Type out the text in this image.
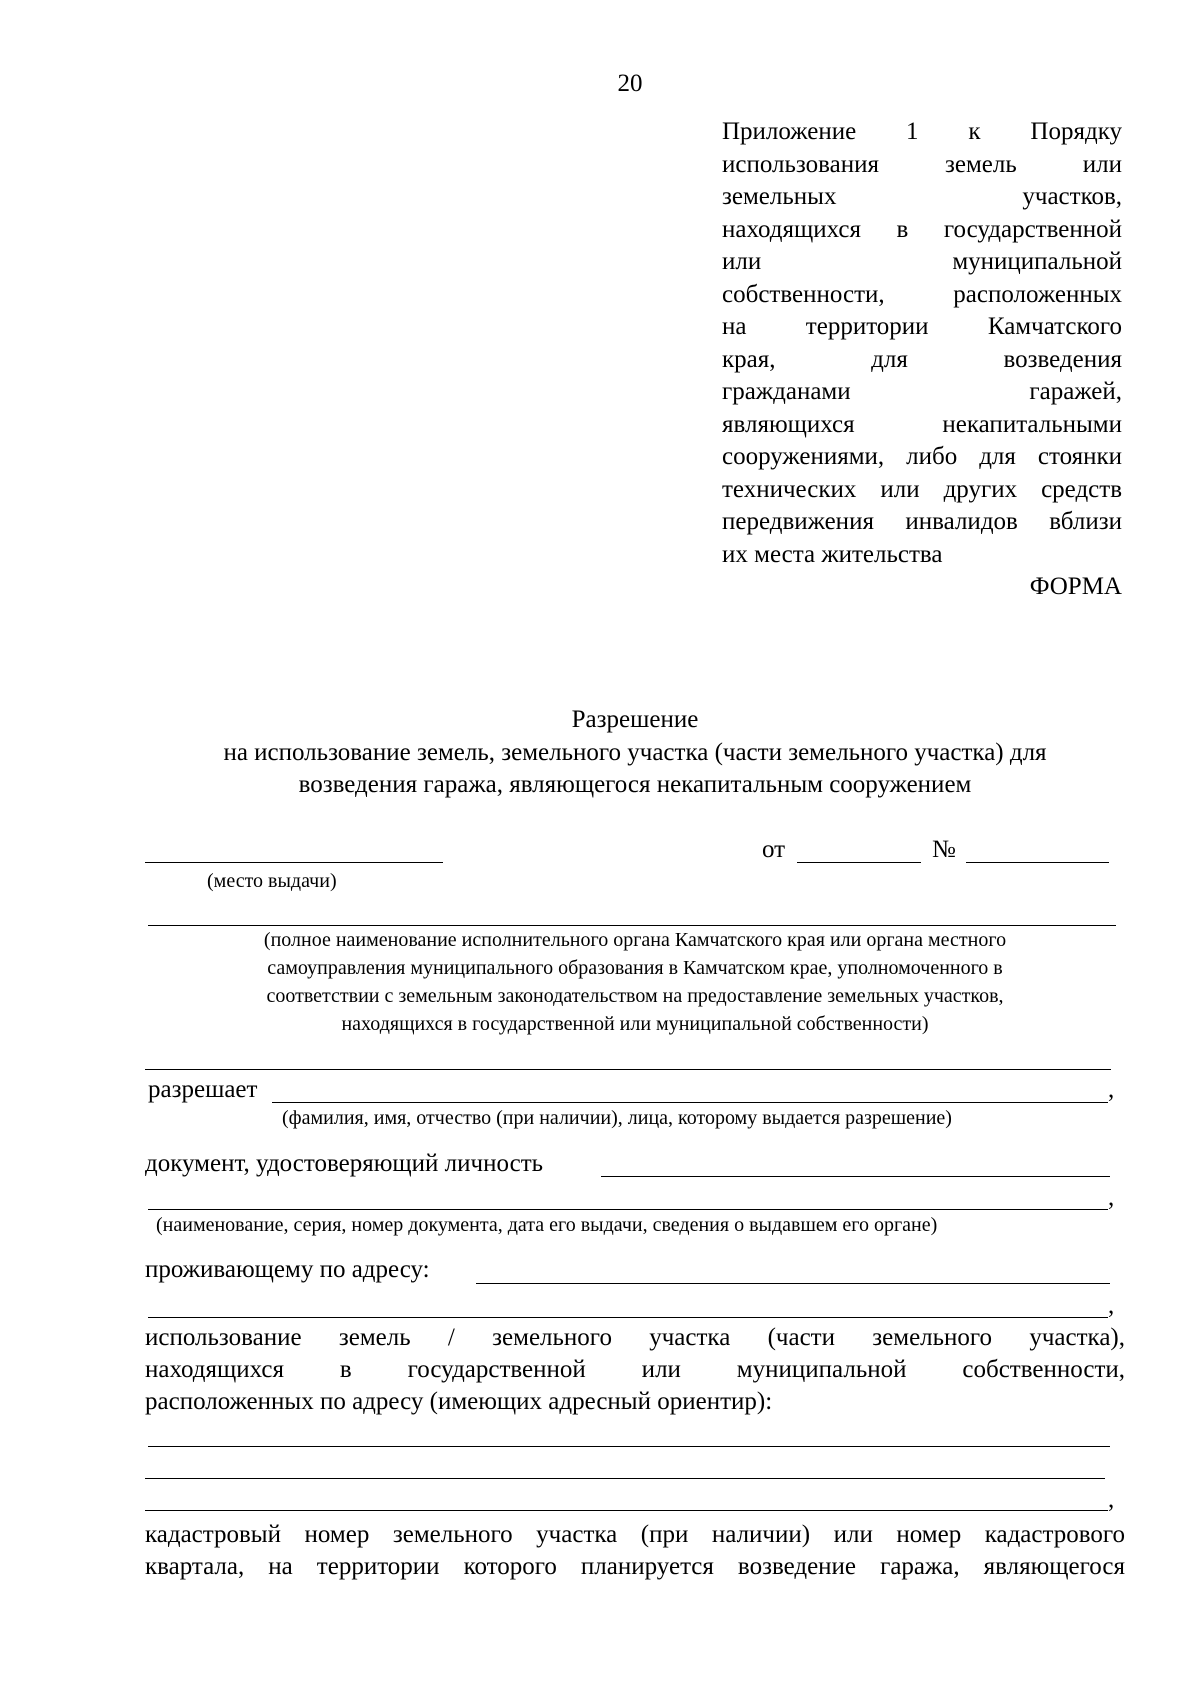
20
Приложение 1 к Порядку
использования земель или
земельных участков,
находящихся в государственной
или муниципальной
собственности, расположенных
на территории Камчатского
края, для возведения
гражданами гаражей,
являющихся некапитальными
сооружениями, либо для стоянки
технических или других средств
передвижения инвалидов вблизи
их места жительства
ФОРМА
Разрешение
на использование земель, земельного участка (части земельного участка) для
возведения гаража, являющегося некапитальным сооружением
(место выдачи)
от	№
(полное наименование исполнительного органа Камчатского края или органа местного
самоуправления муниципального образования в Камчатском крае, уполномоченного в
соответствии с земельным законодательством на предоставление земельных участков,
находящихся в государственной или муниципальной собственности)
разрешает	,
(фамилия, имя, отчество (при наличии), лица, которому выдается разрешение)
документ, удостоверяющий личность
,
(наименование, серия, номер документа, дата его выдачи, сведения о выдавшем его органе)
проживающему по адресу:
,
использование земель / земельного участка (части земельного участка),
находящихся в государственной или муниципальной собственности,
расположенных по адресу (имеющих адресный ориентир):
,
кадастровый номер земельного участка (при наличии) или номер кадастрового
квартала, на территории которого планируется возведение гаража, являющегося
